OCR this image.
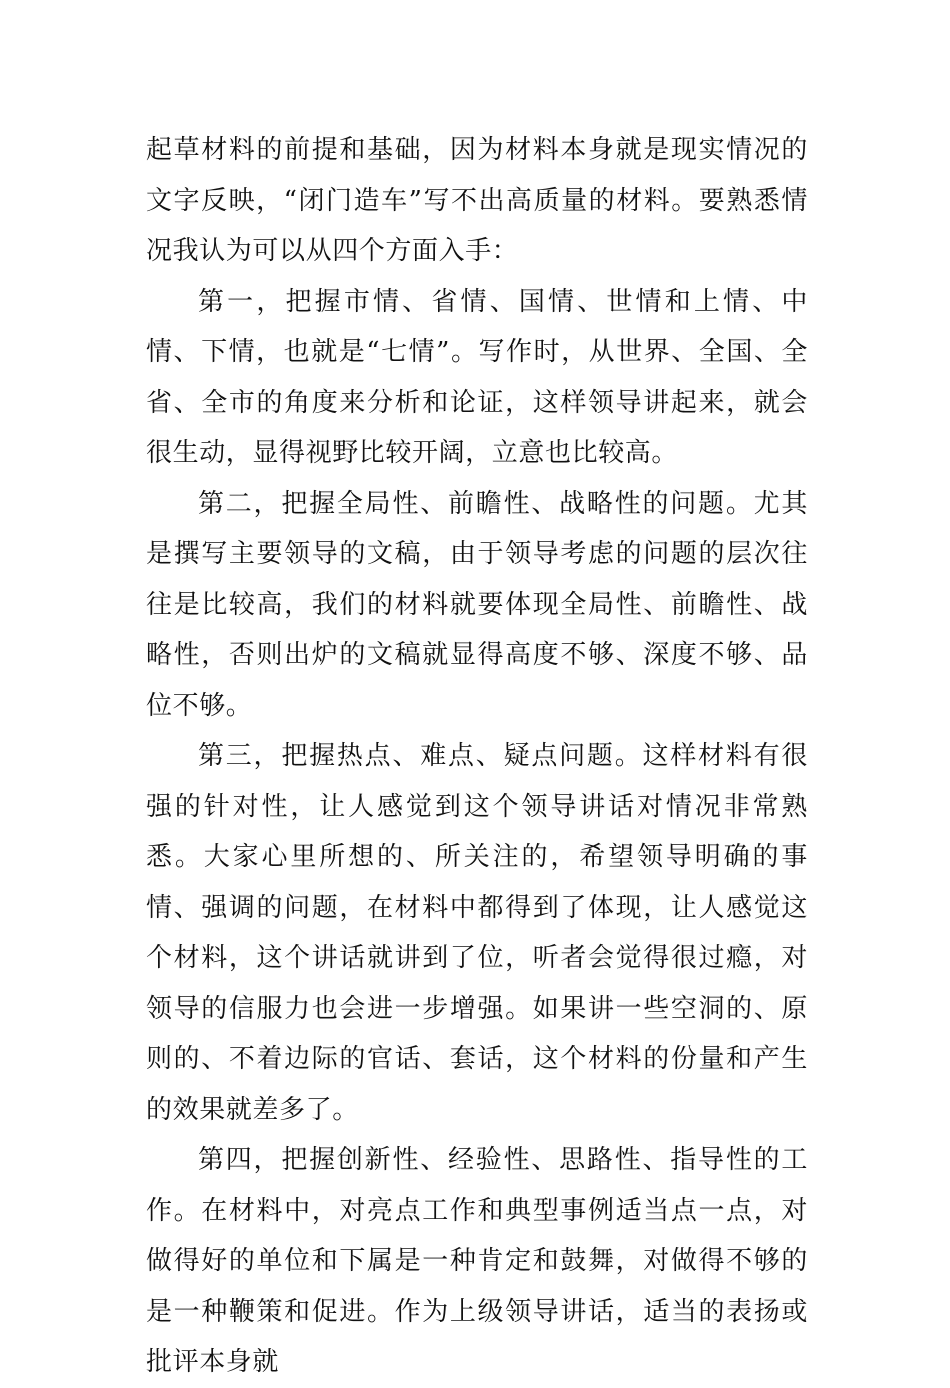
起草材料的前提和基础，因为材料本身就是现实情况的文字反映，“闭门造车”写不出高质量的材料。要熟悉情况我认为可以从四个方面入手：

第一，把握市情、省情、国情、世情和上情、中情、下情，也就是“七情”。写作时，从世界、全国、全省、全市的角度来分析和论证，这样领导讲起来，就会很生动，显得视野比较开阔，立意也比较高。

第二，把握全局性、前瞻性、战略性的问题。尤其是撰写主要领导的文稿，由于领导考虑的问题的层次往往是比较高，我们的材料就要体现全局性、前瞻性、战略性，否则出炉的文稿就显得高度不够、深度不够、品位不够。

第三，把握热点、难点、疑点问题。这样材料有很强的针对性，让人感觉到这个领导讲话对情况非常熟悉。大家心里所想的、所关注的，希望领导明确的事情、强调的问题，在材料中都得到了体现，让人感觉这个材料，这个讲话就讲到了位，听者会觉得很过瘾，对领导的信服力也会进一步增强。如果讲一些空洞的、原则的、不着边际的官话、套话，这个材料的份量和产生的效果就差多了。

第四，把握创新性、经验性、思路性、指导性的工作。在材料中，对亮点工作和典型事例适当点一点，对做得好的单位和下属是一种肯定和鼓舞，对做得不够的是一种鞭策和促进。作为上级领导讲话，适当的表扬或批评本身就
